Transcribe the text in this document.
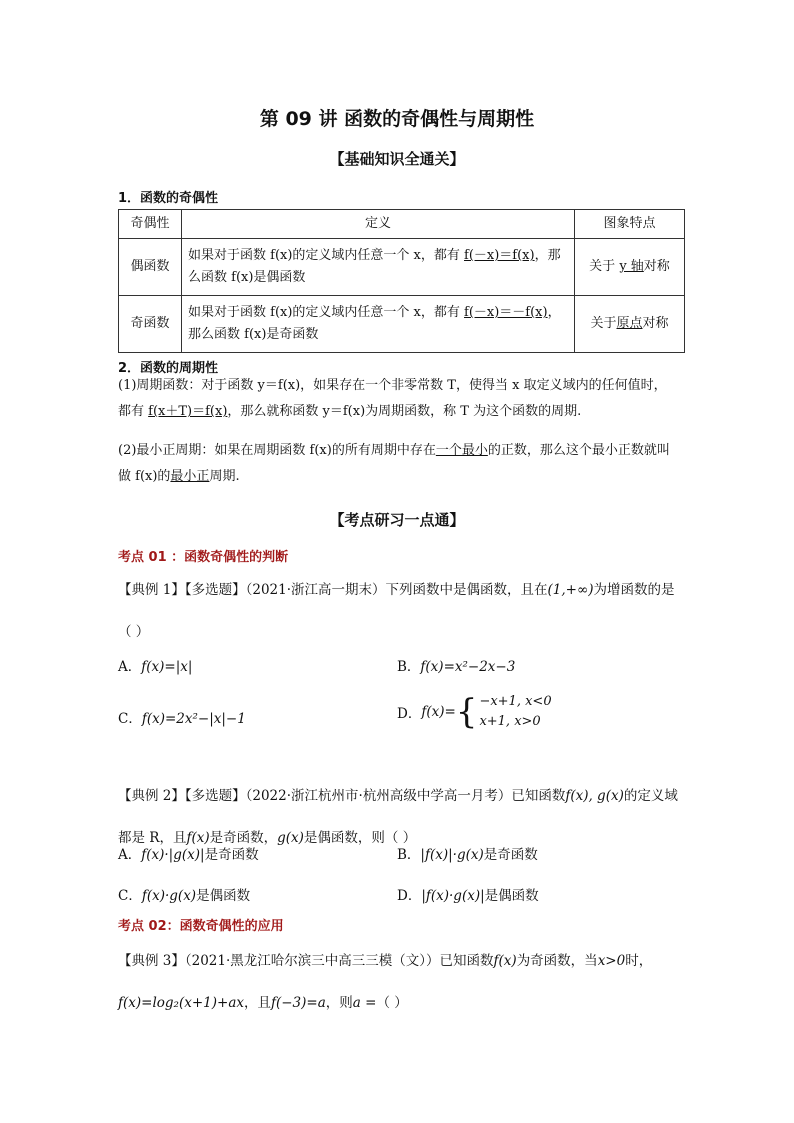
第 09 讲 函数的奇偶性与周期性
【基础知识全通关】
1．函数的奇偶性
奇偶性	定义	图象特点
偶函数	如果对于函数 f(x)的定义域内任意一个 x，都有 f(－x)＝f(x)，那么函数 f(x)是偶函数	关于 y 轴对称
奇函数	如果对于函数 f(x)的定义域内任意一个 x，都有 f(－x)＝－f(x)，那么函数 f(x)是奇函数	关于原点对称
2．函数的周期性
(1)周期函数：对于函数 y＝f(x)，如果存在一个非零常数 T，使得当 x 取定义域内的任何值时，都有 f(x＋T)＝f(x)，那么就称函数 y＝f(x)为周期函数，称 T 为这个函数的周期.
(2)最小正周期：如果在周期函数 f(x)的所有周期中存在一个最小的正数，那么这个最小正数就叫做 f(x)的最小正周期.
【考点研习一点通】
考点 01 ：函数奇偶性的判断
【典例 1】【多选题】（2021·浙江高一期末）下列函数中是偶函数，且在(1,+∞)为增函数的是（ ）
A．f(x)=|x|	B．f(x)=x²−2x−3
C．f(x)=2x²−|x|−1	D．f(x)={ −x+1, x<0
x+1, x>0
【典例 2】【多选题】（2022·浙江杭州市·杭州高级中学高一月考）已知函数f(x), g(x)的定义域都是 R，且f(x)是奇函数，g(x)是偶函数，则（ ）
A．f(x)·|g(x)|是奇函数	B．|f(x)|·g(x)是奇函数
C．f(x)·g(x)是偶函数	D．|f(x)·g(x)|是偶函数
考点 02：函数奇偶性的应用
【典例 3】（2021·黑龙江哈尔滨三中高三三模（文））已知函数f(x)为奇函数，当x>0时，f(x)=log₂(x+1)+ax，且f(−3)=a，则a =（ ）
